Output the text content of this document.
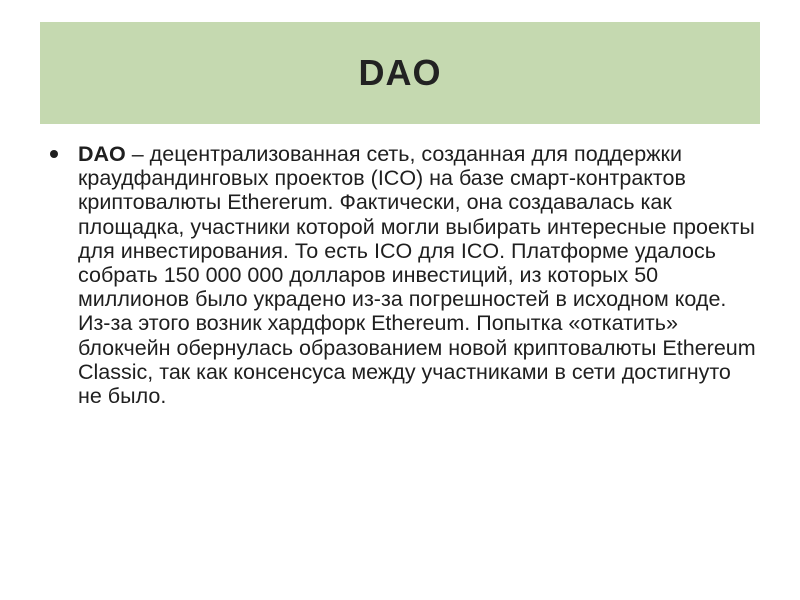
DAO
DAO – децентрализованная сеть, созданная для поддержки краудфандинговых проектов (ICO) на базе смарт-контрактов криптовалюты Ethererum. Фактически, она создавалась как площадка, участники которой могли выбирать интересные проекты для инвестирования. То есть ICO для ICO. Платформе удалось собрать 150 000 000 долларов инвестиций, из которых 50 миллионов было украдено из-за погрешностей в исходном коде. Из-за этого возник хардфорк Ethereum. Попытка «откатить» блокчейн обернулась образованием новой криптовалюты Ethereum Classic, так как консенсуса между участниками в сети достигнуто не было.
